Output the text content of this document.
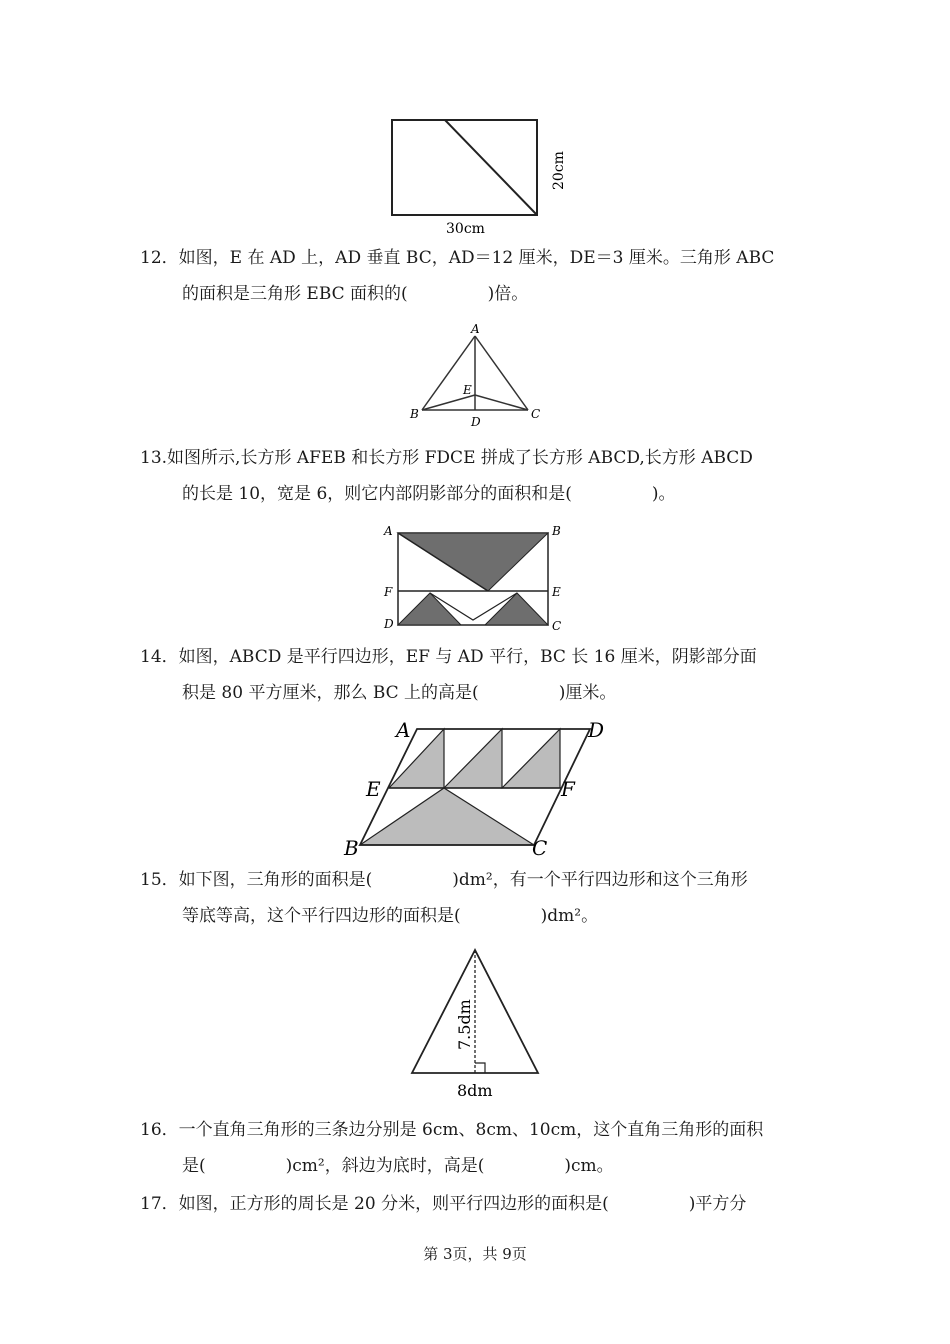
20cm
30cm
12．如图，E 在 AD 上，AD 垂直 BC，AD＝12 厘米，DE＝3 厘米。三角形 ABC
的面积是三角形 EBC 面积的(	)倍。
A
E
B
D
C
13.如图所示,长方形 AFEB 和长方形 FDCE 拼成了长方形 ABCD,长方形 ABCD
的长是 10，宽是 6，则它内部阴影部分的面积和是(	)。
A	B
F	E
D	C
14．如图，ABCD 是平行四边形，EF 与 AD 平行，BC 长 16 厘米，阴影部分面
积是 80 平方厘米，那么 BC 上的高是(	)厘米。
A	D
E	F
B	C
15．如下图，三角形的面积是(	)dm²，有一个平行四边形和这个三角形
等底等高，这个平行四边形的面积是(	)dm²。
7.5dm
8dm
16．一个直角三角形的三条边分别是 6cm、8cm、10cm，这个直角三角形的面积
是(	)cm²，斜边为底时，高是(	)cm。
17．如图，正方形的周长是 20 分米，则平行四边形的面积是(	)平方分
第 3页，共 9页
